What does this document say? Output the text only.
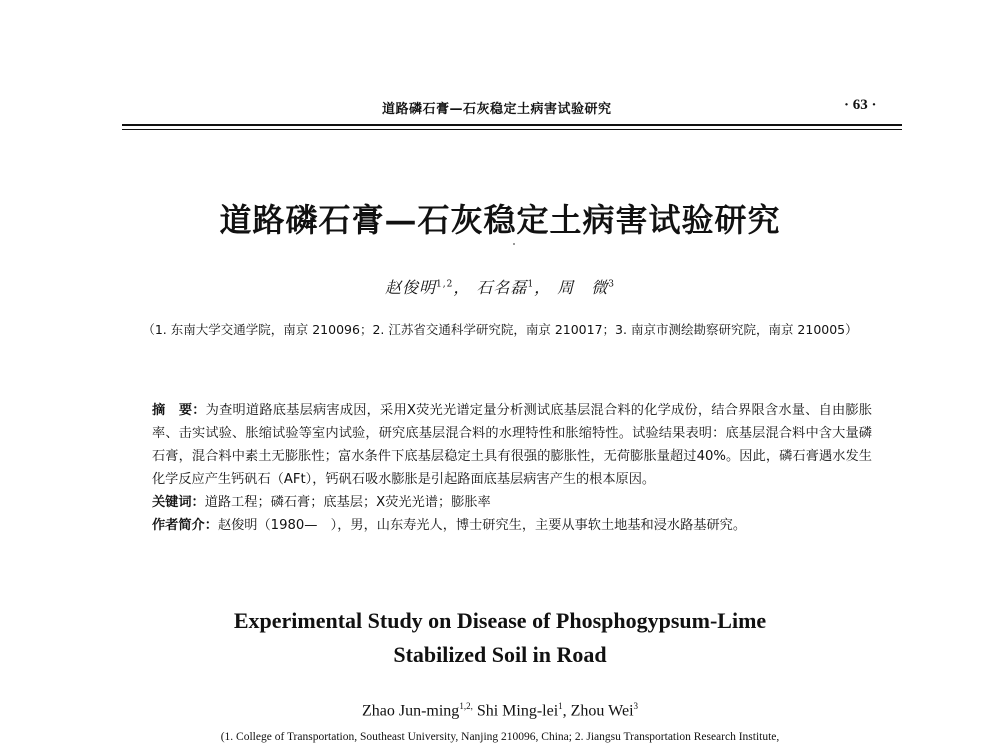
道路磷石膏—石灰稳定土病害试验研究	· 63 ·
道路磷石膏—石灰稳定土病害试验研究
赵俊明$^{1,2}$， 石名磊$^1$， 周　微$^3$
（1. 东南大学交通学院，南京 210096；2. 江苏省交通科学研究院，南京 210017；3. 南京市测绘勘察研究院，南京 210005）

摘　要：为查明道路底基层病害成因，采用X荧光光谱定量分析测试底基层混合料的化学成份，结合界限含水量、自由膨胀率、击实试验、胀缩试验等室内试验，研究底基层混合料的水理特性和胀缩特性。试验结果表明：底基层混合料中含大量磷石膏，混合料中素土无膨胀性；富水条件下底基层稳定土具有很强的膨胀性，无荷膨胀量超过40%。因此，磷石膏遇水发生化学反应产生钙矾石（AFt），钙矾石吸水膨胀是引起路面底基层病害产生的根本原因。

关键词：道路工程；磷石膏；底基层；X荧光光谱；膨胀率

作者简介：赵俊明（1980—　），男，山东寿光人，博士研究生，主要从事软土地基和浸水路基研究。

Experimental Study on Disease of Phosphogypsum-Lime
Stabilized Soil in Road
Zhao Jun-ming$^{1,2,}$ Shi Ming-lei$^1$, Zhou Wei$^3$
(1. College of Transportation, Southeast University, Nanjing 210096, China; 2. Jiangsu Transportation Research Institute,
